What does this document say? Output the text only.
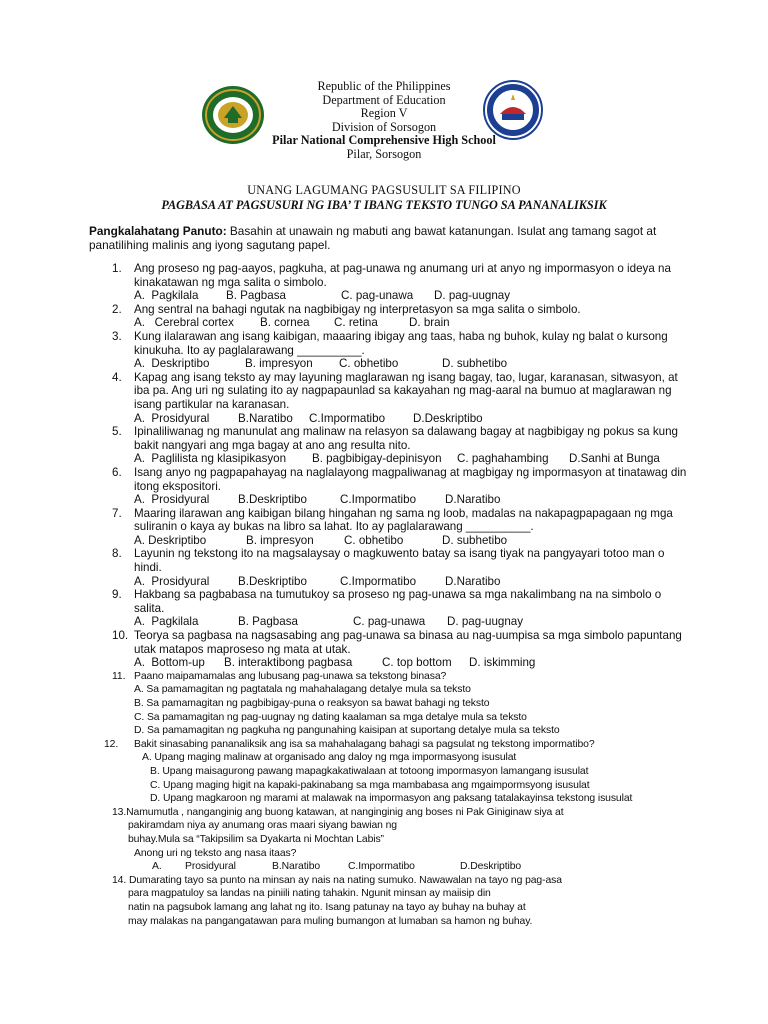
Republic of the Philippines
Department of Education
Region V
Division of Sorsogon
Pilar National Comprehensive High School
Pilar, Sorsogon
UNANG LAGUMANG PAGSUSULIT SA FILIPINO
PAGBASA AT PAGSUSURI NG IBA’ T IBANG TEKSTO TUNGO SA PANANALIKSIK
Pangkalahatang Panuto: Basahin at unawain ng mabuti ang bawat katanungan. Isulat ang tamang sagot at panatilihing malinis ang iyong sagutang papel.
1. Ang proseso ng pag-aayos, pagkuha, at pag-unawa ng anumang uri at anyo ng impormasyon o ideya na kinakatawan ng mga salita o simbolo.
A.  Pagkilala	B. Pagbasa	C. pag-unawa	D. pag-uugnay
2. Ang sentral na bahagi ngutak na nagbibigay ng interpretasyon sa mga salita o simbolo.
A.   Cerebral cortex	B. cornea	C. retina	D. brain
3. Kung ilalarawan ang isang kaibigan, maaaring ibigay ang taas, haba ng buhok, kulay ng balat o kursong kinukuha. Ito ay paglalarawang __________.
A.  Deskriptibo	B. impresyon	C. obhetibo	D. subhetibo
4. Kapag ang isang teksto ay may layuning maglarawan ng isang bagay, tao, lugar, karanasan, sitwasyon, at iba pa. Ang uri ng sulating ito ay nagpapaunlad sa kakayahan ng mag-aaral na bumuo at maglarawan ng isang partikular na karanasan.
A.  Prosidyural	B.Naratibo	C.Impormatibo	D.Deskriptibo
5. Ipinaliliwanag ng manunulat ang malinaw na relasyon sa dalawang bagay at nagbibigay ng pokus sa kung bakit nangyari ang mga bagay at ano ang resulta nito.
A.  Paglilista ng klasipikasyon	B. pagbibigay-depinisyon	C. paghahambing	D.Sanhi at Bunga
6. Isang anyo ng pagpapahayag na naglalayong magpaliwanag at magbigay ng impormasyon at tinatawag din itong ekspositori.
A.  Prosidyural	B.Deskriptibo	C.Impormatibo	D.Naratibo
7. Maaring ilarawan ang kaibigan bilang hingahan ng sama ng loob, madalas na nakapagpapagaan ng mga suliranin o kaya ay bukas na libro sa lahat. Ito ay paglalarawang __________.
A. Deskriptibo	B. impresyon	C. obhetibo	D. subhetibo
8. Layunin ng tekstong ito na magsalaysay o magkuwento batay sa isang tiyak na pangyayari totoo man o hindi.
A.  Prosidyural	B.Deskriptibo	C.Impormatibo	D.Naratibo
9. Hakbang sa pagbabasa na tumutukoy sa proseso ng pag-unawa sa mga nakalimbang na na simbolo o salita.
A.  Pagkilala	B. Pagbasa	C. pag-unawa	D. pag-uugnay
10. Teorya sa pagbasa na nagsasabing ang pag-unawa sa binasa au nag-uumpisa sa mga simbolo papuntang utak matapos maproseso ng mata at utak.
A.  Bottom-up	B. interaktibong pagbasa	C. top bottom	D. iskimming
11. Paano maipamamalas ang lubusang pag-unawa sa tekstong binasa?
A. Sa pamamagitan ng pagtatala ng mahahalagang detalye mula sa teksto
B. Sa pamamagitan ng pagbibigay-puna o reaksyon sa bawat bahagi ng teksto
C. Sa pamamagitan ng pag-uugnay ng dating kaalaman sa mga detalye mula sa teksto
D. Sa pamamagitan ng pagkuha ng pangunahing kaisipan at suportang detalye mula sa teksto
12. Bakit sinasabing pananaliksik ang isa sa mahahalagang bahagi sa pagsulat ng tekstong impormatibo?
A. Upang maging malinaw at organisado ang daloy ng mga impormasyong isusulat
B. Upang maisagurong pawang mapagkakatiwalaan at totoong impormasyon lamangang isusulat
C. Upang maging higit na kapaki-pakinabang sa mga mambabasa ang mgaimpormsyong isusulat
D. Upang magkaroon ng marami at malawak na impormasyon ang paksang tatalakayinsa tekstong isusulat
13.Namumutla , nanganginig ang buong katawan, at nanginginig ang boses ni Pak Giniginaw siya at
pakiramdam niya ay anumang oras maari siyang bawian ng
buhay.Mula sa “Takipsilim sa Dyakarta ni Mochtan Labis”
Anong uri ng teksto ang nasa itaas?
A.	Prosidyural	B.Naratibo	C.Impormatibo	D.Deskriptibo
14. Dumarating tayo sa punto na minsan ay nais na nating sumuko. Nawawalan na tayo ng pag-asa
para magpatuloy sa landas na piniili nating tahakin. Ngunit minsan ay maiisip din
natin na pagsubok lamang ang lahat ng ito. Isang patunay na tayo ay buhay na buhay at
may malakas na pangangatawan para muling bumangon at lumaban sa hamon ng buhay.
